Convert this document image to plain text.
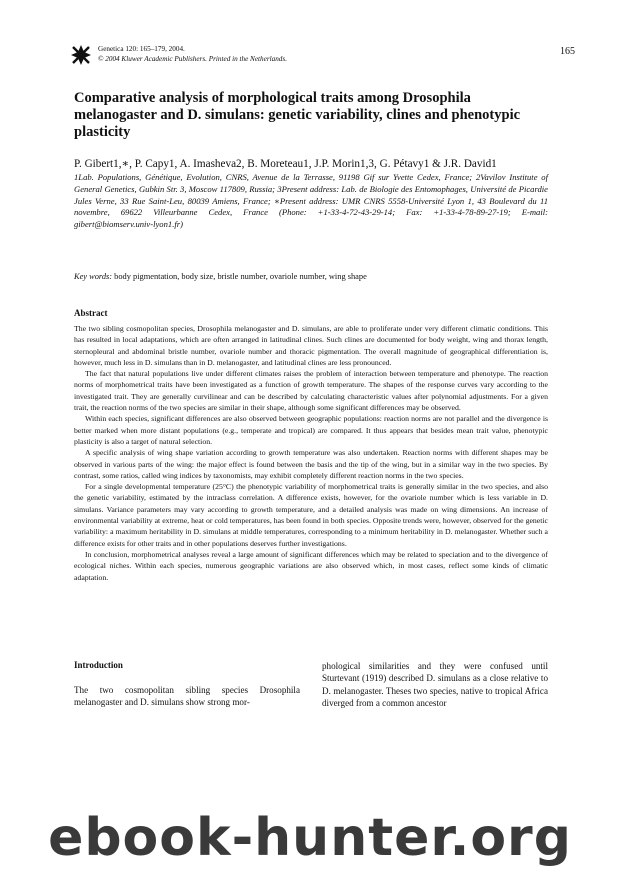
Genetica 120: 165–179, 2004.
© 2004 Kluwer Academic Publishers. Printed in the Netherlands.
165
Comparative analysis of morphological traits among Drosophila melanogaster and D. simulans: genetic variability, clines and phenotypic plasticity
P. Gibert1,∗, P. Capy1, A. Imasheva2, B. Moreteau1, J.P. Morin1,3, G. Pétavy1 & J.R. David1
1Lab. Populations, Génétique, Evolution, CNRS, Avenue de la Terrasse, 91198 Gif sur Yvette Cedex, France; 2Vavilov Institute of General Genetics, Gubkin Str. 3, Moscow 117809, Russia; 3Present address: Lab. de Biologie des Entomophages, Université de Picardie Jules Verne, 33 Rue Saint-Leu, 80039 Amiens, France; ∗Present address: UMR CNRS 5558-Université Lyon 1, 43 Boulevard du 11 novembre, 69622 Villeurbanne Cedex, France (Phone: +1-33-4-72-43-29-14; Fax: +1-33-4-78-89-27-19; E-mail: gibert@biomserv.univ-lyon1.fr)
Key words: body pigmentation, body size, bristle number, ovariole number, wing shape
Abstract

The two sibling cosmopolitan species, Drosophila melanogaster and D. simulans, are able to proliferate under very different climatic conditions. This has resulted in local adaptations, which are often arranged in latitudinal clines. Such clines are documented for body weight, wing and thorax length, sternopleural and abdominal bristle number, ovariole number and thoracic pigmentation. The overall magnitude of geographical differentiation is, however, much less in D. simulans than in D. melanogaster, and latitudinal clines are less pronounced.

The fact that natural populations live under different climates raises the problem of interaction between temperature and phenotype. The reaction norms of morphometrical traits have been investigated as a function of growth temperature. The shapes of the response curves vary according to the investigated trait. They are generally curvilinear and can be described by calculating characteristic values after polynomial adjustments. For a given trait, the reaction norms of the two species are similar in their shape, although some significant differences may be observed.

Within each species, significant differences are also observed between geographic populations: reaction norms are not parallel and the divergence is better marked when more distant populations (e.g., temperate and tropical) are compared. It thus appears that besides mean trait value, phenotypic plasticity is also a target of natural selection.

A specific analysis of wing shape variation according to growth temperature was also undertaken. Reaction norms with different shapes may be observed in various parts of the wing: the major effect is found between the basis and the tip of the wing, but in a similar way in the two species. By contrast, some ratios, called wing indices by taxonomists, may exhibit completely different reaction norms in the two species.

For a single developmental temperature (25°C) the phenotypic variability of morphometrical traits is generally similar in the two species, and also the genetic variability, estimated by the intraclass correlation. A difference exists, however, for the ovariole number which is less variable in D. simulans. Variance parameters may vary according to growth temperature, and a detailed analysis was made on wing dimensions. An increase of environmental variability at extreme, heat or cold temperatures, has been found in both species. Opposite trends were, however, observed for the genetic variability: a maximum heritability in D. simulans at middle temperatures, corresponding to a minimum heritability in D. melanogaster. Whether such a difference exists for other traits and in other populations deserves further investigations.

In conclusion, morphometrical analyses reveal a large amount of significant differences which may be related to speciation and to the divergence of ecological niches. Within each species, numerous geographic variations are also observed which, in most cases, reflect some kinds of climatic adaptation.

Introduction
The two cosmopolitan sibling species Drosophila melanogaster and D. simulans show strong mor-
phological similarities and they were confused until Sturtevant (1919) described D. simulans as a close relative to D. melanogaster. Theses two species, native to tropical Africa diverged from a common ancestor
ebook-hunter.org
